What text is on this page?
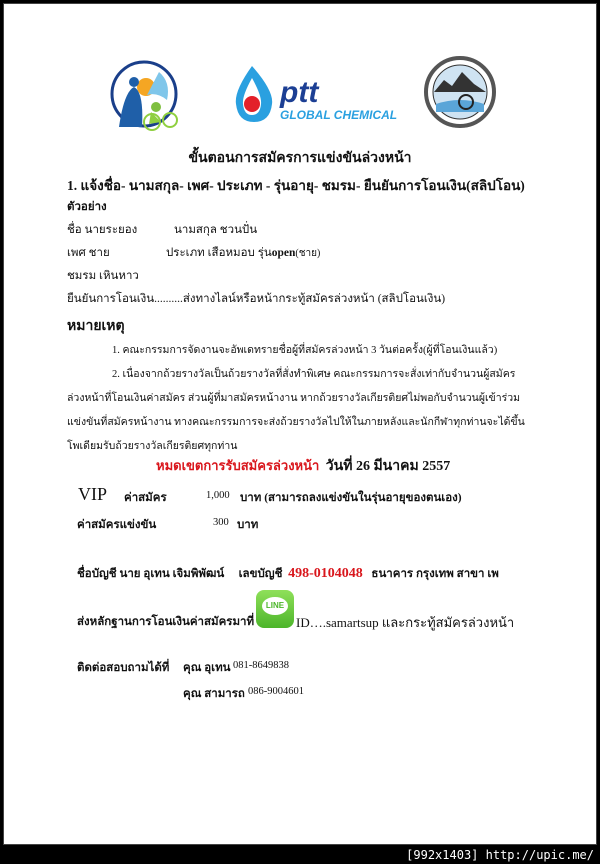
ptt
GLOBAL CHEMICAL
ขั้นตอนการสมัครการแข่งขันล่วงหน้า
1. แจ้งชื่อ- นามสกุล- เพศ- ประเภท - รุ่นอายุ- ชมรม- ยืนยันการโอนเงิน(สลิปโอน)
ตัวอย่าง
ชื่อ นายระยอง	นามสกุล ชวนปั่น
เพศ ชาย	ประเภท เสือหมอบ รุ่นopen(ชาย)
ชมรม เหินหาว
ยืนยันการโอนเงิน..........ส่งทางไลน์หรือหน้ากระทู้สมัครล่วงหน้า (สลิปโอนเงิน)
หมายเหตุ
1. คณะกรรมการจัดงานจะอัพเดทรายชื่อผู้ที่สมัครล่วงหน้า 3 วันต่อครั้ง(ผู้ที่โอนเงินแล้ว)
2. เนื่องจากถ้วยรางวัลเป็นถ้วยรางวัลที่สั่งทำพิเศษ คณะกรรมการจะสั่งเท่ากับจำนวนผู้สมัคร
ล่วงหน้าที่โอนเงินค่าสมัคร ส่วนผู้ที่มาสมัครหน้างาน หากถ้วยรางวัลเกียรติยศไม่พอกับจำนวนผู้เข้าร่วม
แข่งขันที่สมัครหน้างาน ทางคณะกรรมการจะส่งถ้วยรางวัลไปให้ในภายหลังและนักกีฬาทุกท่านจะได้ขึ้น
โพเดียมรับถ้วยรางวัลเกียรติยศทุกท่าน
หมดเขตการรับสมัครล่วงหน้า วันที่ 26 มีนาคม 2557
VIP ค่าสมัคร	1,000 บาท (สามารถลงแข่งขันในรุ่นอายุของตนเอง)
ค่าสมัครแข่งขัน	300 บาท
ชื่อบัญชี นาย อุเทน เจิมพิพัฒน์ เลขบัญชี 498-0104048 ธนาคาร กรุงเทพ สาขา เพ
ส่งหลักฐานการโอนเงินค่าสมัครมาที่
LINE
ID….samartsup และกระทู้สมัครล่วงหน้า
ติดต่อสอบถามได้ที่ คุณ อุเทน 081-8649838
คุณ สามารถ 086-9004601
[992x1403] http://upic.me/
